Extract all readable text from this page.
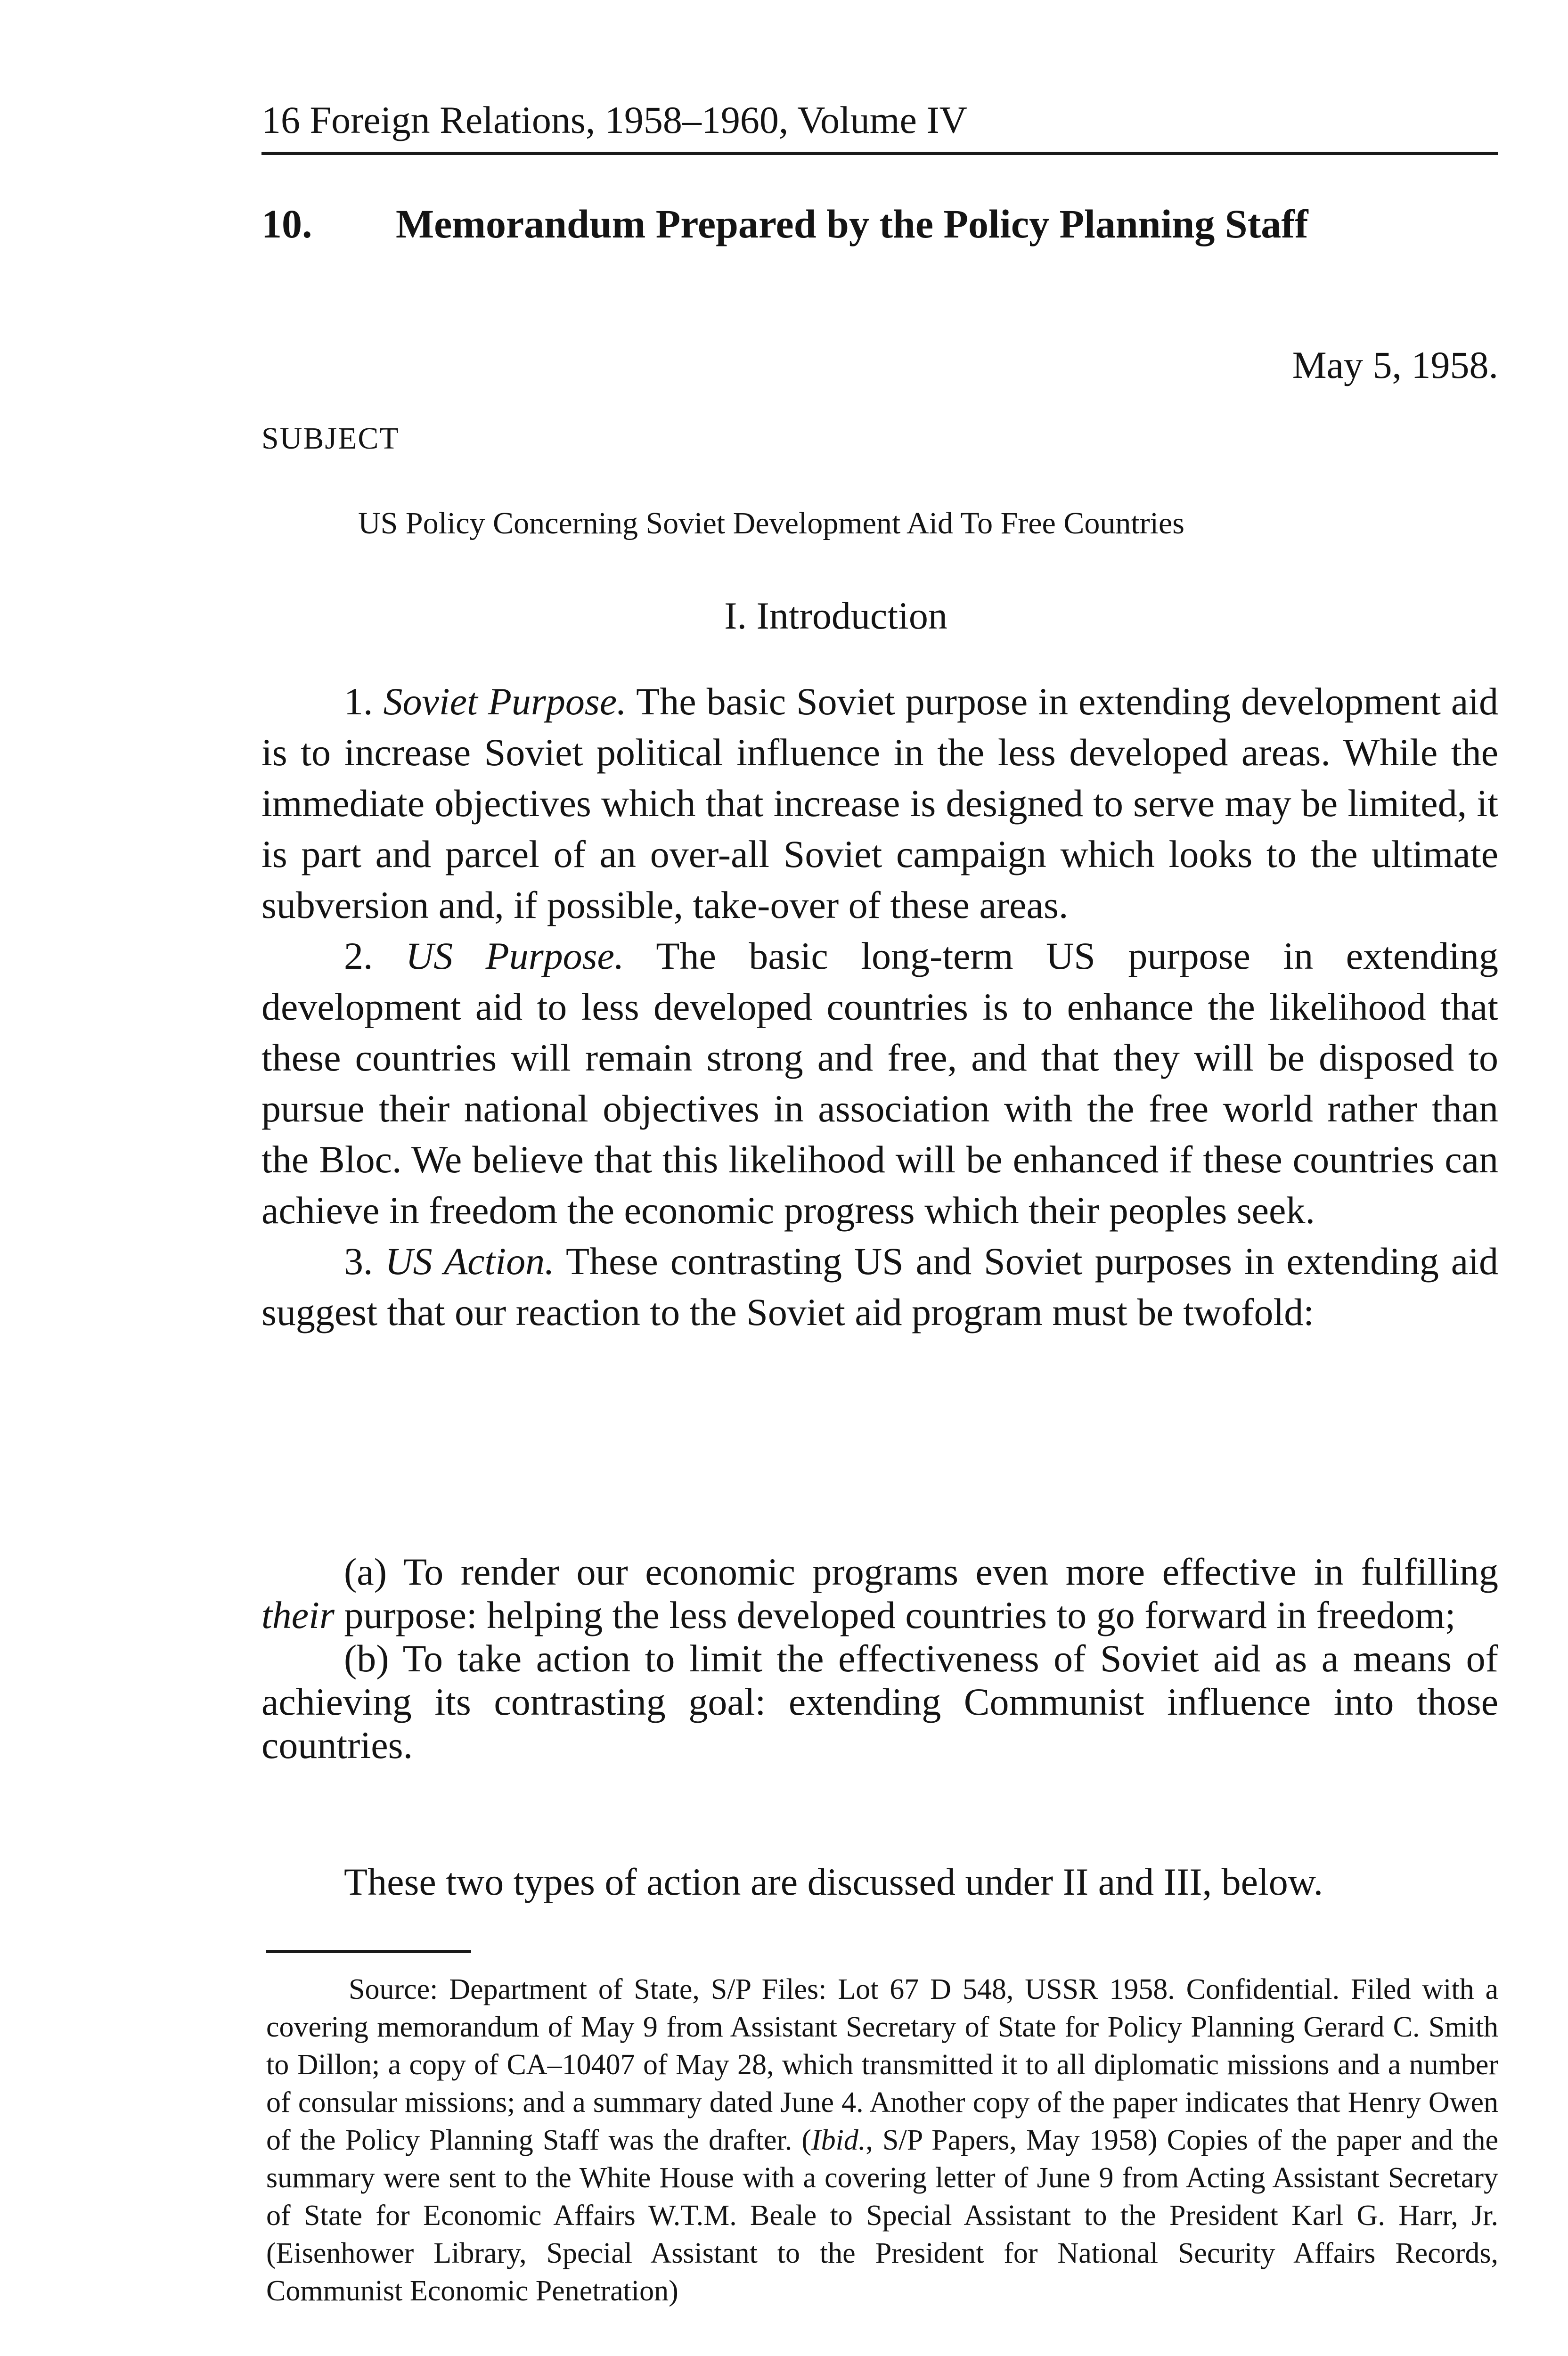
16 Foreign Relations, 1958–1960, Volume IV
10. Memorandum Prepared by the Policy Planning Staff
May 5, 1958.
SUBJECT
US Policy Concerning Soviet Development Aid To Free Countries
I. Introduction

1. Soviet Purpose. The basic Soviet purpose in extending development aid is to increase Soviet political influence in the less developed areas. While the immediate objectives which that increase is designed to serve may be limited, it is part and parcel of an over-all Soviet campaign which looks to the ultimate subversion and, if possible, take-over of these areas.

2. US Purpose. The basic long-term US purpose in extending development aid to less developed countries is to enhance the likelihood that these countries will remain strong and free, and that they will be disposed to pursue their national objectives in association with the free world rather than the Bloc. We believe that this likelihood will be enhanced if these countries can achieve in freedom the economic progress which their peoples seek.

3. US Action. These contrasting US and Soviet purposes in extending aid suggest that our reaction to the Soviet aid program must be twofold:

(a) To render our economic programs even more effective in fulfilling their purpose: helping the less developed countries to go forward in freedom;

(b) To take action to limit the effectiveness of Soviet aid as a means of achieving its contrasting goal: extending Communist influence into those countries.

These two types of action are discussed under II and III, below.

Source: Department of State, S/P Files: Lot 67 D 548, USSR 1958. Confidential. Filed with a covering memorandum of May 9 from Assistant Secretary of State for Policy Planning Gerard C. Smith to Dillon; a copy of CA–10407 of May 28, which transmitted it to all diplomatic missions and a number of consular missions; and a summary dated June 4. Another copy of the paper indicates that Henry Owen of the Policy Planning Staff was the drafter. (Ibid., S/P Papers, May 1958) Copies of the paper and the summary were sent to the White House with a covering letter of June 9 from Acting Assistant Secretary of State for Economic Affairs W.T.M. Beale to Special Assistant to the President Karl G. Harr, Jr. (Eisenhower Library, Special Assistant to the President for National Security Affairs Records, Communist Economic Penetration)
